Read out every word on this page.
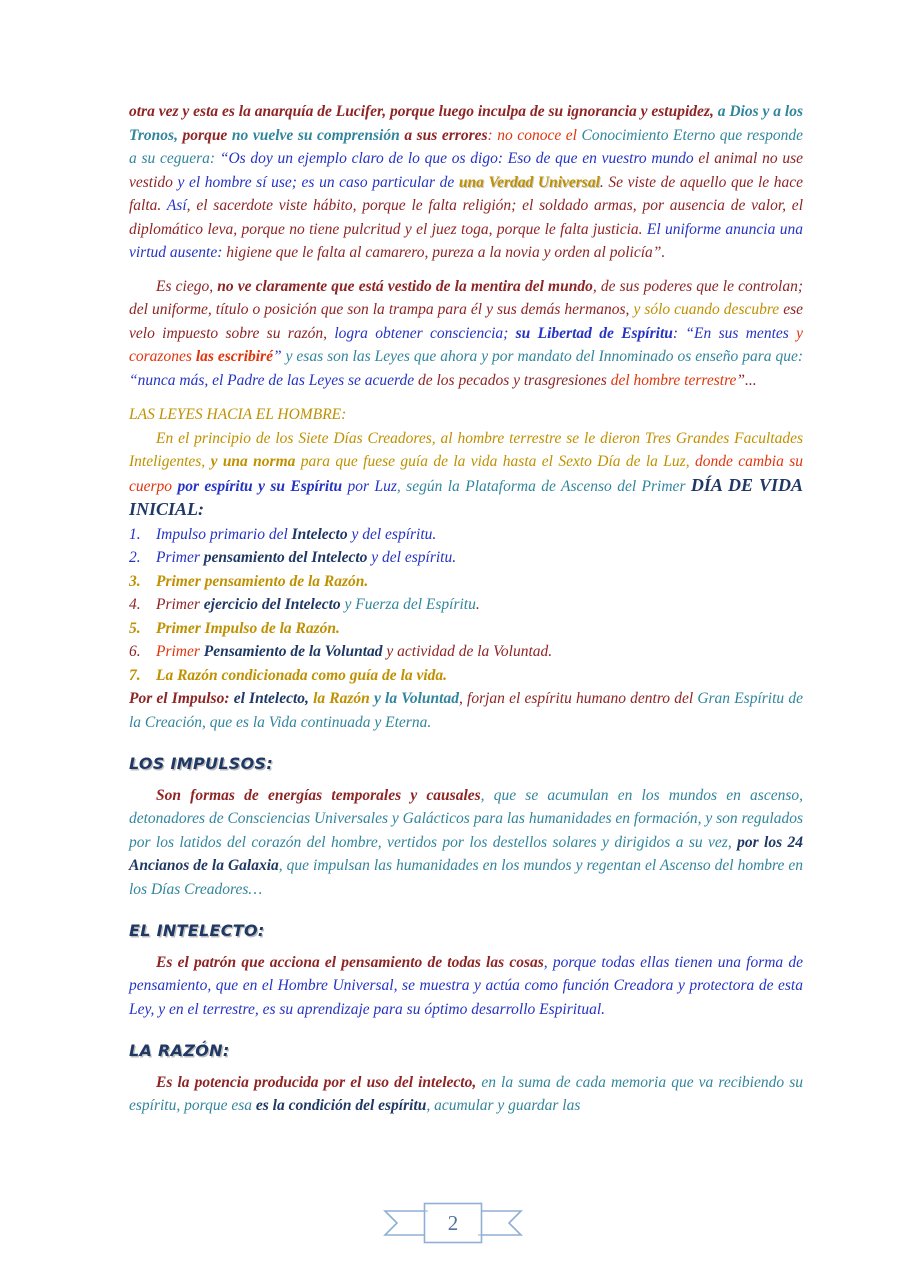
otra vez y esta es la anarquía de Lucifer, porque luego inculpa de su ignorancia y estupidez, a Dios y a los Tronos, porque no vuelve su comprensión a sus errores: no conoce el Conocimiento Eterno que responde a su ceguera: “Os doy un ejemplo claro de lo que os digo: Eso de que en vuestro mundo el animal no use vestido y el hombre sí use; es un caso particular de una Verdad Universal. Se viste de aquello que le hace falta. Así, el sacerdote viste hábito, porque le falta religión; el soldado armas, por ausencia de valor, el diplomático leva, porque no tiene pulcritud y el juez toga, porque le falta justicia. El uniforme anuncia una virtud ausente: higiene que le falta al camarero, pureza a la novia y orden al policía”.

Es ciego, no ve claramente que está vestido de la mentira del mundo, de sus poderes que le controlan; del uniforme, título o posición que son la trampa para él y sus demás hermanos, y sólo cuando descubre ese velo impuesto sobre su razón, logra obtener consciencia; su Libertad de Espíritu: “En sus mentes y corazones las escribiré” y esas son las Leyes que ahora y por mandato del Innominado os enseño para que: “nunca más, el Padre de las Leyes se acuerde de los pecados y trasgresiones del hombre terrestre”...

LAS LEYES HACIA EL HOMBRE:

En el principio de los Siete Días Creadores, al hombre terrestre se le dieron Tres Grandes Facultades Inteligentes, y una norma para que fuese guía de la vida hasta el Sexto Día de la Luz, donde cambia su cuerpo por espíritu y su Espíritu por Luz, según la Plataforma de Ascenso del Primer DÍA DE VIDA INICIAL:

1. Impulso primario del Intelecto y del espíritu.
2. Primer pensamiento del Intelecto y del espíritu.
3. Primer pensamiento de la Razón.
4. Primer ejercicio del Intelecto y Fuerza del Espíritu.
5. Primer Impulso de la Razón.
6. Primer Pensamiento de la Voluntad y actividad de la Voluntad.
7. La Razón condicionada como guía de la vida.

Por el Impulso: el Intelecto, la Razón y la Voluntad, forjan el espíritu humano dentro del Gran Espíritu de la Creación, que es la Vida continuada y Eterna.

LOS IMPULSOS:

Son formas de energías temporales y causales, que se acumulan en los mundos en ascenso, detonadores de Consciencias Universales y Galácticos para las humanidades en formación, y son regulados por los latidos del corazón del hombre, vertidos por los destellos solares y dirigidos a su vez, por los 24 Ancianos de la Galaxia, que impulsan las humanidades en los mundos y regentan el Ascenso del hombre en los Días Creadores…

EL INTELECTO:

Es el patrón que acciona el pensamiento de todas las cosas, porque todas ellas tienen una forma de pensamiento, que en el Hombre Universal, se muestra y actúa como función Creadora y protectora de esta Ley, y en el terrestre, es su aprendizaje para su óptimo desarrollo Espiritual.

LA RAZÓN:

Es la potencia producida por el uso del intelecto, en la suma de cada memoria que va recibiendo su espíritu, porque esa es la condición del espíritu, acumular y guardar las

2
